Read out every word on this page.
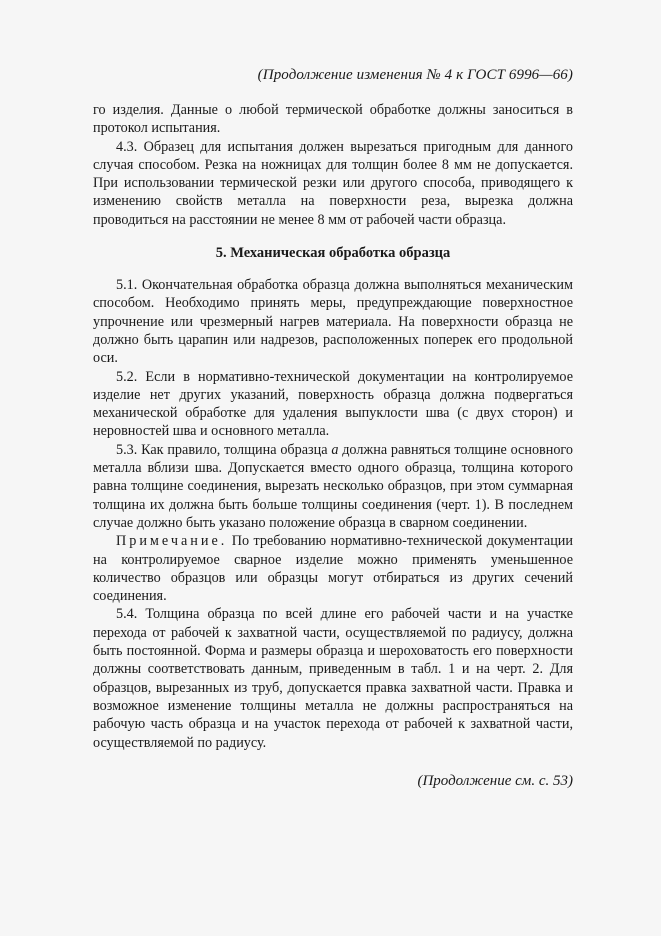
(Продолжение изменения № 4 к ГОСТ 6996—66)

го изделия. Данные о любой термической обработке должны заноситься в протокол испытания.

4.3. Образец для испытания должен вырезаться пригодным для данного случая способом. Резка на ножницах для толщин более 8 мм не допускается. При использовании термической резки или другого способа, приводящего к изменению свойств металла на поверхности реза, вырезка должна проводиться на расстоянии не менее 8 мм от рабочей части образца.

5. Механическая обработка образца

5.1. Окончательная обработка образца должна выполняться механическим способом. Необходимо принять меры, предупреждающие поверхностное упрочнение или чрезмерный нагрев материала. На поверхности образца не должно быть царапин или надрезов, расположенных поперек его продольной оси.

5.2. Если в нормативно-технической документации на контролируемое изделие нет других указаний, поверхность образца должна подвергаться механической обработке для удаления выпуклости шва (с двух сторон) и неровностей шва и основного металла.

5.3. Как правило, толщина образца a должна равняться толщине основного металла вблизи шва. Допускается вместо одного образца, толщина которого равна толщине соединения, вырезать несколько образцов, при этом суммарная толщина их должна быть больше толщины соединения (черт. 1). В последнем случае должно быть указано положение образца в сварном соединении.

Примечание. По требованию нормативно-технической документации на контролируемое сварное изделие можно применять уменьшенное количество образцов или образцы могут отбираться из других сечений соединения.

5.4. Толщина образца по всей длине его рабочей части и на участке перехода от рабочей к захватной части, осуществляемой по радиусу, должна быть постоянной. Форма и размеры образца и шероховатость его поверхности должны соответствовать данным, приведенным в табл. 1 и на черт. 2. Для образцов, вырезанных из труб, допускается правка захватной части. Правка и возможное изменение толщины металла не должны распространяться на рабочую часть образца и на участок перехода от рабочей к захватной части, осуществляемой по радиусу.

(Продолжение см. с. 53)
